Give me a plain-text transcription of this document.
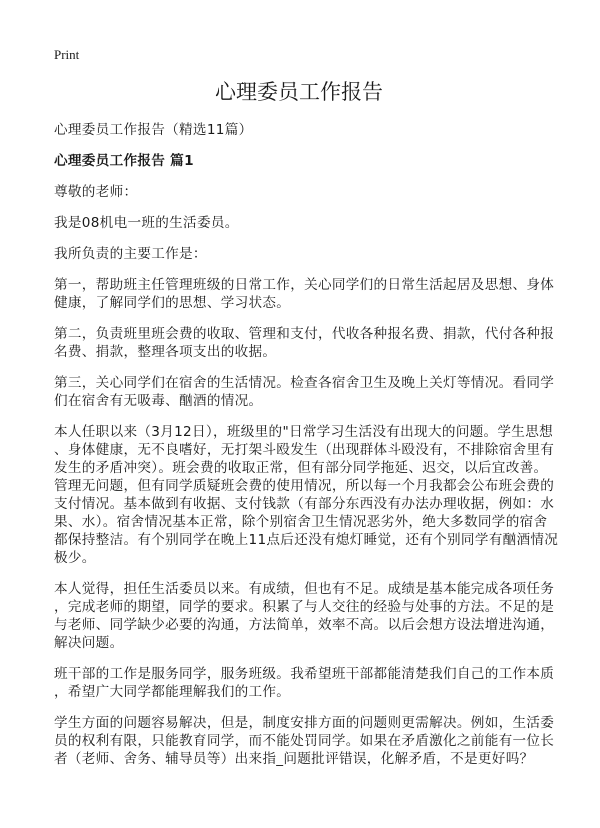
Print
心理委员工作报告
心理委员工作报告（精选11篇）
心理委员工作报告 篇1
尊敬的老师：
我是08机电一班的生活委员。
我所负责的主要工作是：
第一，帮助班主任管理班级的日常工作，关心同学们的日常生活起居及思想、身体
健康，了解同学们的思想、学习状态。
第二，负责班里班会费的收取、管理和支付，代收各种报名费、捐款，代付各种报
名费、捐款，整理各项支出的收据。
第三，关心同学们在宿舍的生活情况。检查各宿舍卫生及晚上关灯等情况。看同学
们在宿舍有无吸毒、酗酒的情况。
本人任职以来（3月12日），班级里的"日常学习生活没有出现大的问题。学生思想
、身体健康，无不良嗜好，无打架斗殴发生（出现群体斗殴没有，不排除宿舍里有
发生的矛盾冲突）。班会费的收取正常，但有部分同学拖延、迟交，以后宜改善。
管理无问题，但有同学质疑班会费的使用情况，所以每一个月我都会公布班会费的
支付情况。基本做到有收据、支付钱款（有部分东西没有办法办理收据，例如：水
果、水）。宿舍情况基本正常，除个别宿舍卫生情况恶劣外，绝大多数同学的宿舍
都保持整洁。有个别同学在晚上11点后还没有熄灯睡觉，还有个别同学有酗酒情况
极少。
本人觉得，担任生活委员以来。有成绩，但也有不足。成绩是基本能完成各项任务
，完成老师的期望，同学的要求。积累了与人交往的经验与处事的方法。不足的是
与老师、同学缺少必要的沟通，方法简单，效率不高。以后会想方设法增进沟通，
解决问题。
班干部的工作是服务同学，服务班级。我希望班干部都能清楚我们自己的工作本质
，希望广大同学都能理解我们的工作。
学生方面的问题容易解决，但是，制度安排方面的问题则更需解决。例如，生活委
员的权利有限，只能教育同学，而不能处罚同学。如果在矛盾激化之前能有一位长
者（老师、舍务、辅导员等）出来指_问题批评错误，化解矛盾，不是更好吗？
